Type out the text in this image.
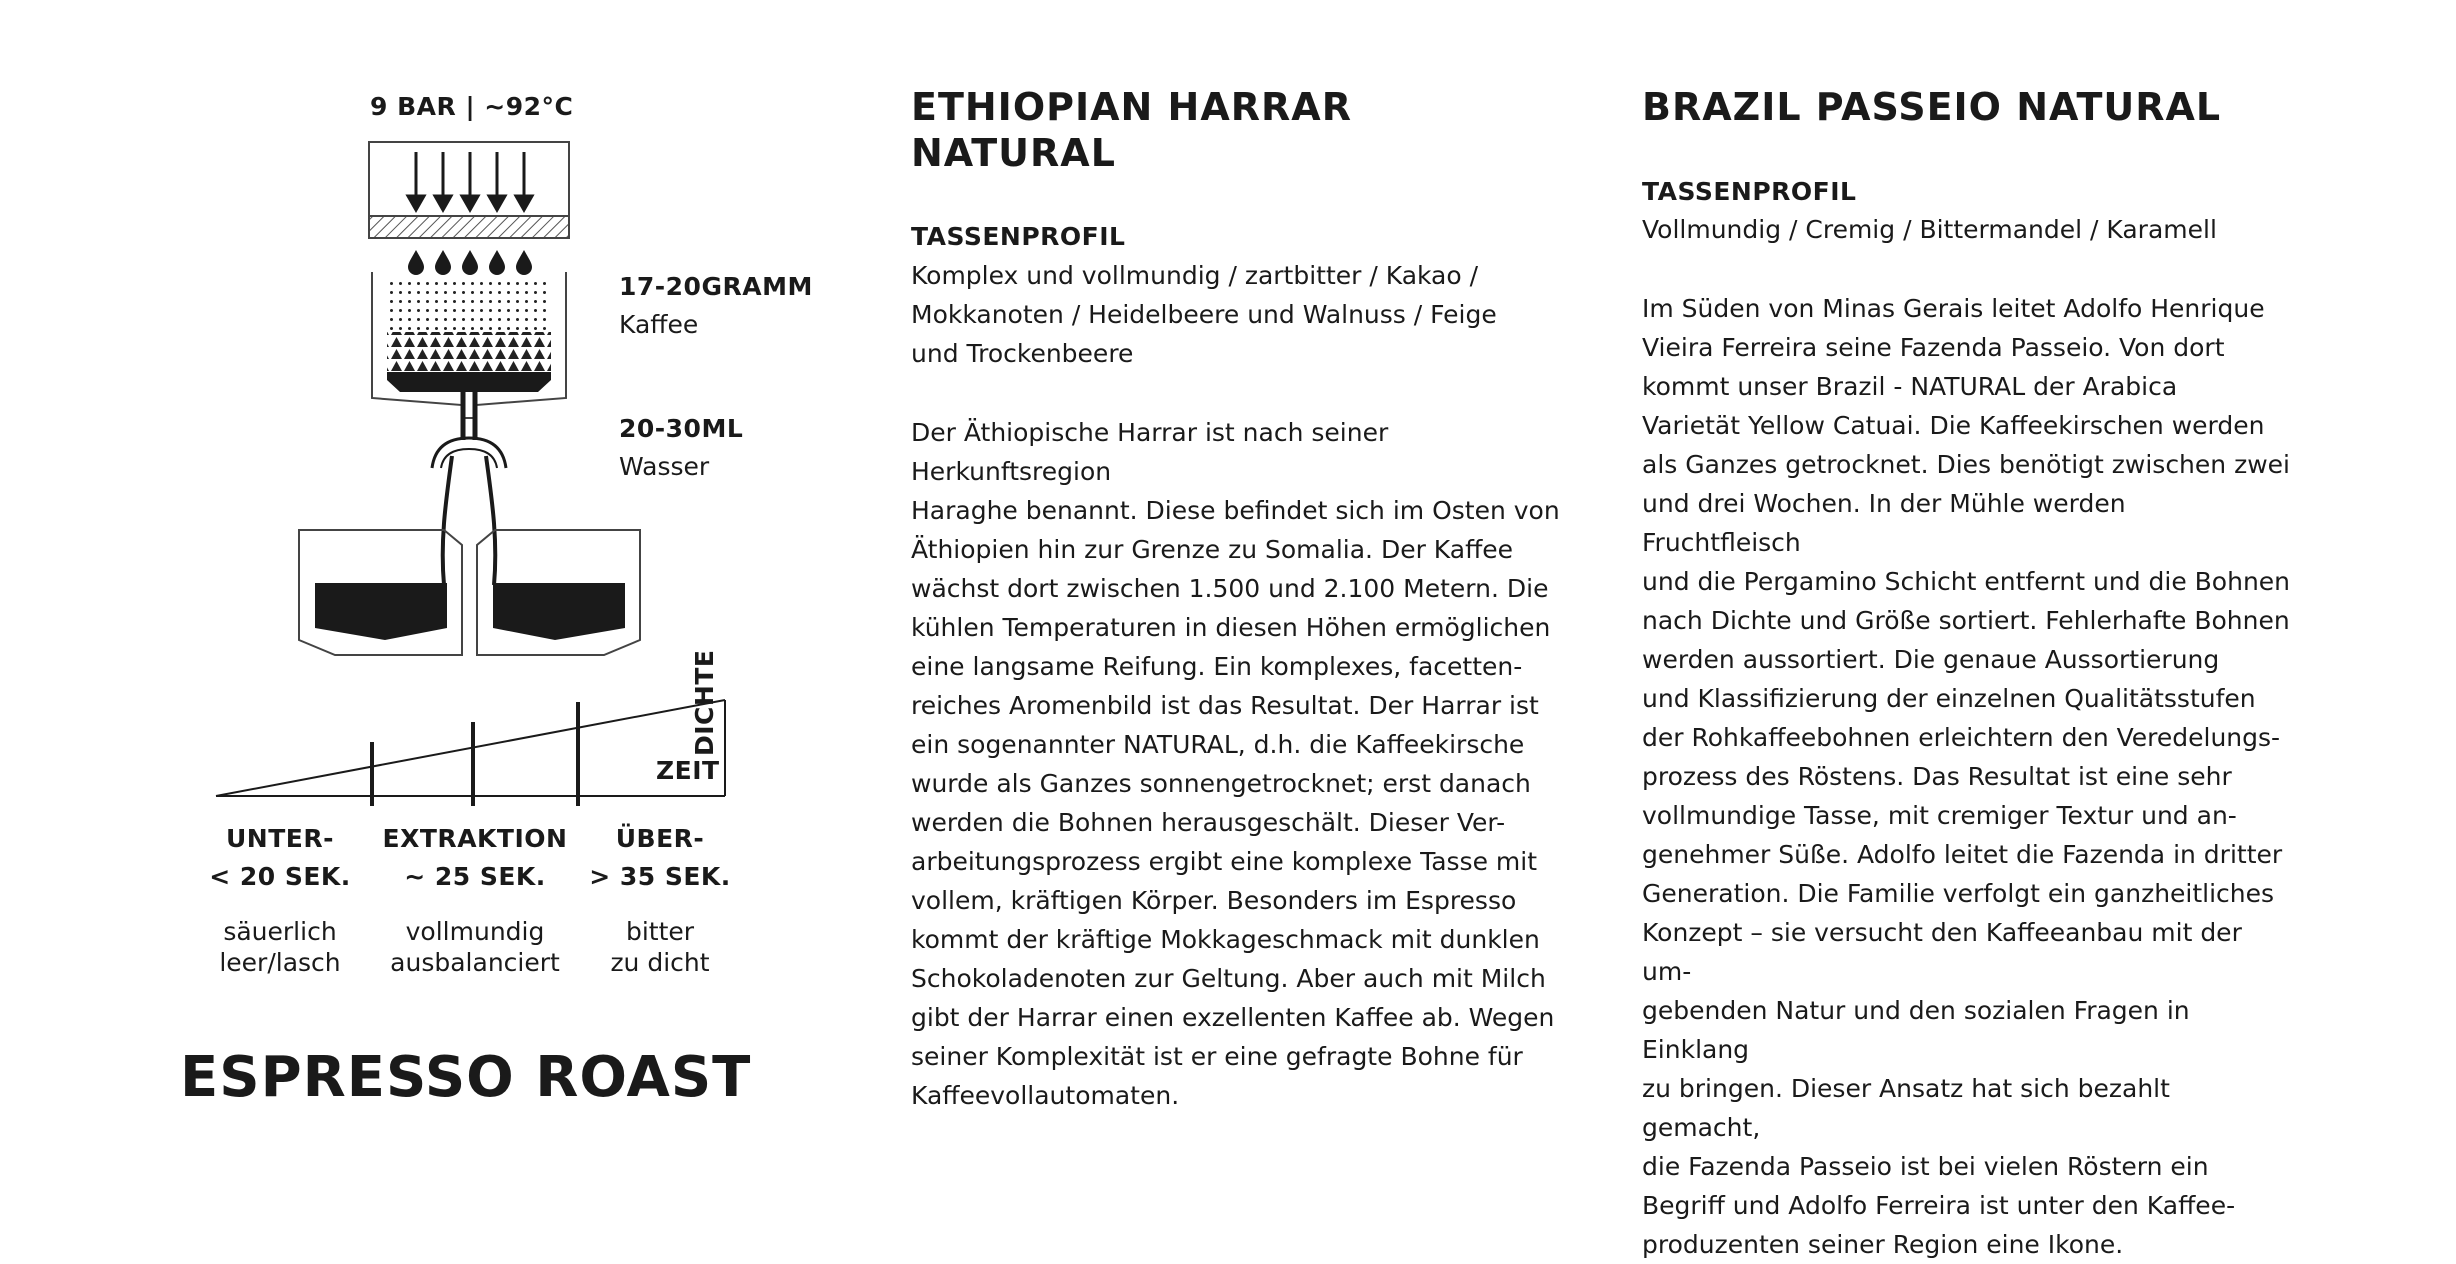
9 BAR | ~92°C
17-20GRAMM
Kaffee
20-30ML
Wasser
ZEIT
DICHTE
UNTER-
< 20 SEK.
säuerlich
leer/lasch
EXTRAKTION
~ 25 SEK.
vollmundig
ausbalanciert
ÜBER-
> 35 SEK.
bitter
zu dicht
ESPRESSO ROAST
ETHIOPIAN HARRAR NATURAL

TASSENPROFIL

Komplex und vollmundig / zartbitter / Kakao /
Mokkanoten / Heidelbeere und Walnuss / Feige
und Trockenbeere

Der Äthiopische Harrar ist nach seiner Herkunftsregion
Haraghe benannt. Diese befindet sich im Osten von
Äthiopien hin zur Grenze zu Somalia. Der Kaffee
wächst dort zwischen 1.500 und 2.100 Metern. Die
kühlen Temperaturen in diesen Höhen ermöglichen
eine langsame Reifung. Ein komplexes, facetten-
reiches Aromenbild ist das Resultat. Der Harrar ist
ein sogenannter NATURAL, d.h. die Kaffeekirsche
wurde als Ganzes sonnengetrocknet; erst danach
werden die Bohnen herausgeschält. Dieser Ver-
arbeitungsprozess ergibt eine komplexe Tasse mit
vollem, kräftigen Körper. Besonders im Espresso
kommt der kräftige Mokkageschmack mit dunklen
Schokoladenoten zur Geltung. Aber auch mit Milch
gibt der Harrar einen exzellenten Kaffee ab. Wegen
seiner Komplexität ist er eine gefragte Bohne für
Kaffeevollautomaten.

BRAZIL PASSEIO NATURAL

TASSENPROFIL

Vollmundig / Cremig / Bittermandel / Karamell

Im Süden von Minas Gerais leitet Adolfo Henrique
Vieira Ferreira seine Fazenda Passeio. Von dort
kommt unser Brazil - NATURAL der Arabica
Varietät Yellow Catuai. Die Kaffeekirschen werden
als Ganzes getrocknet. Dies benötigt zwischen zwei
und drei Wochen. In der Mühle werden Fruchtfleisch
und die Pergamino Schicht entfernt und die Bohnen
nach Dichte und Größe sortiert. Fehlerhafte Bohnen
werden aussortiert. Die genaue Aussortierung
und Klassifizierung der einzelnen Qualitätsstufen
der Rohkaffeebohnen erleichtern den Veredelungs-
prozess des Röstens. Das Resultat ist eine sehr
vollmundige Tasse, mit cremiger Textur und an-
genehmer Süße. Adolfo leitet die Fazenda in dritter
Generation. Die Familie verfolgt ein ganzheitliches
Konzept – sie versucht den Kaffeeanbau mit der um-
gebenden Natur und den sozialen Fragen in Einklang
zu bringen. Dieser Ansatz hat sich bezahlt gemacht,
die Fazenda Passeio ist bei vielen Röstern ein
Begriff und Adolfo Ferreira ist unter den Kaffee-
produzenten seiner Region eine Ikone.
